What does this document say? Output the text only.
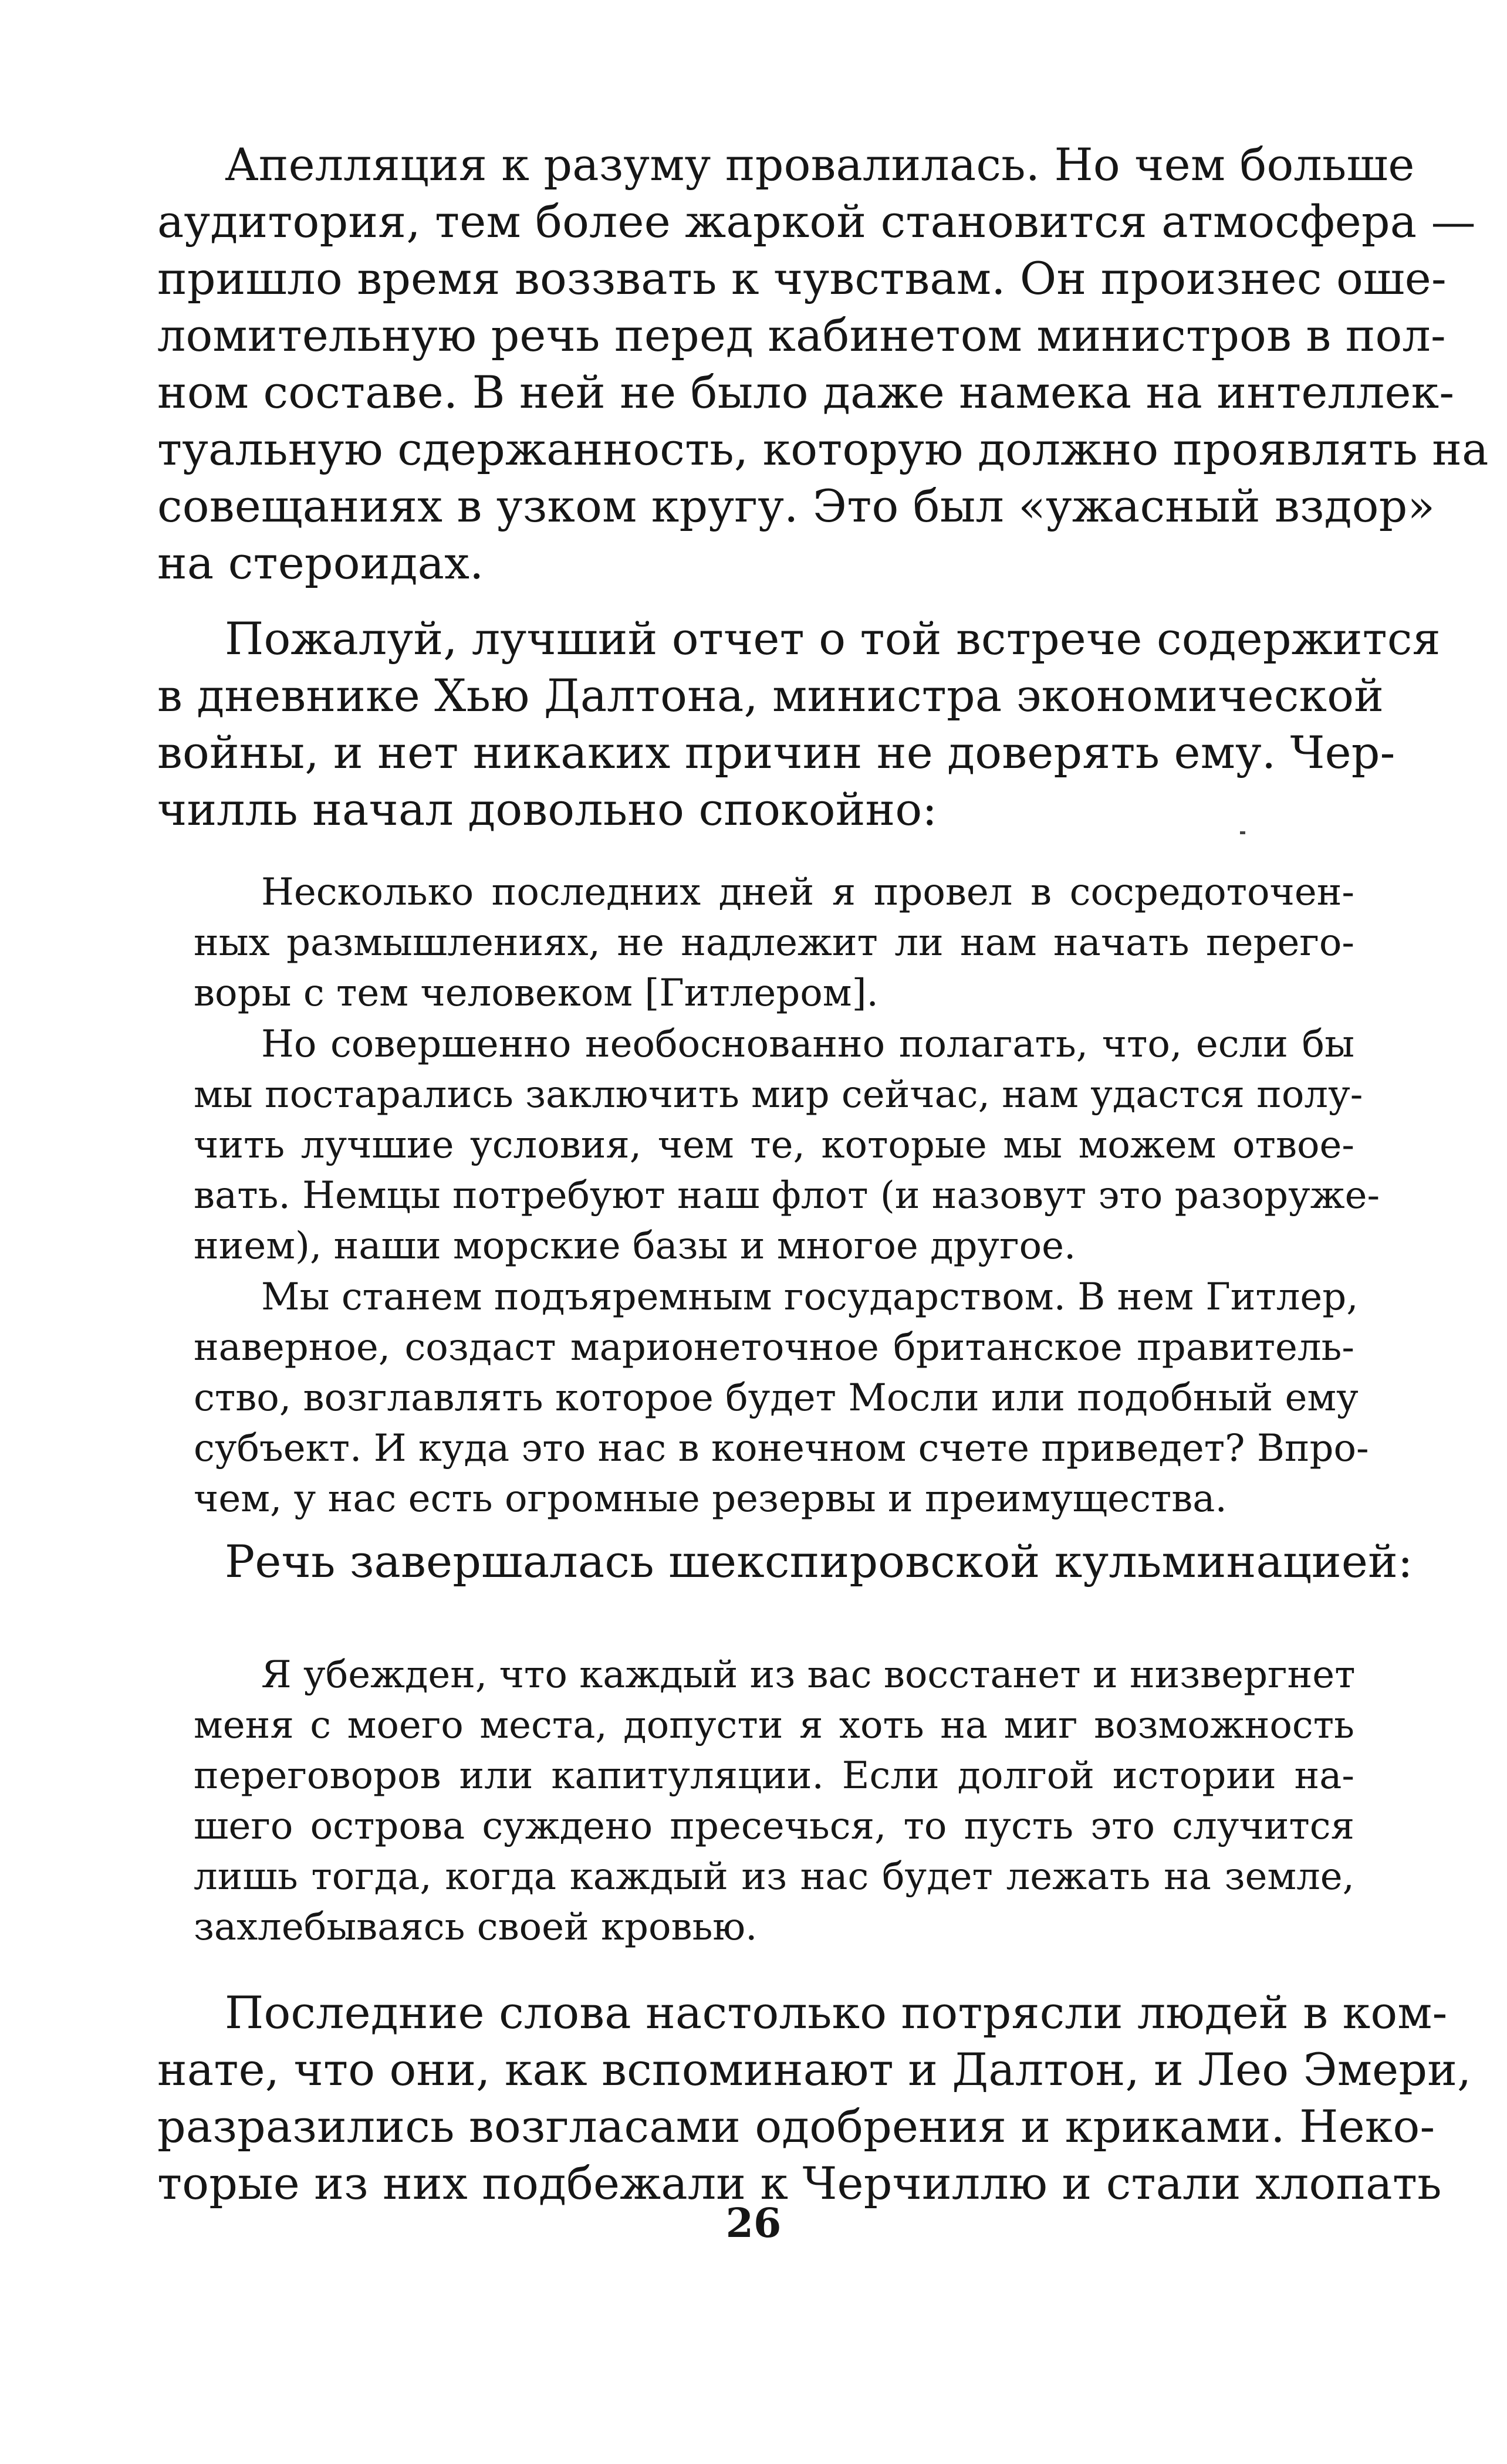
Апелляция к разуму провалилась. Но чем больше
аудитория, тем более жаркой становится атмосфера —
пришло время воззвать к чувствам. Он произнес оше-
ломительную речь перед кабинетом министров в пол-
ном составе. В ней не было даже намека на интеллек-
туальную сдержанность, которую должно проявлять на
совещаниях в узком кругу. Это был «ужасный вздор»
на стероидах.

Пожалуй, лучший отчет о той встрече содержится
в дневнике Хью Далтона, министра экономической
войны, и нет никаких причин не доверять ему. Чер-
чилль начал довольно спокойно:

Несколько последних дней я провел в сосредоточен-
ных размышлениях, не надлежит ли нам начать перего-
воры с тем человеком [Гитлером].

Но совершенно необоснованно полагать, что, если бы
мы постарались заключить мир сейчас, нам удастся полу-
чить лучшие условия, чем те, которые мы можем отвое-
вать. Немцы потребуют наш флот (и назовут это разоруже-
нием), наши морские базы и многое другое.

Мы станем подъяремным государством. В нем Гитлер,
наверное, создаст марионеточное британское правитель-
ство, возглавлять которое будет Мосли или подобный ему
субъект. И куда это нас в конечном счете приведет? Впро-
чем, у нас есть огромные резервы и преимущества.

Речь завершалась шекспировской кульминацией:

Я убежден, что каждый из вас восстанет и низвергнет
меня с моего места, допусти я хоть на миг возможность
переговоров или капитуляции. Если долгой истории на-
шего острова суждено пресечься, то пусть это случится
лишь тогда, когда каждый из нас будет лежать на земле,
захлебываясь своей кровью.

Последние слова настолько потрясли людей в ком-
нате, что они, как вспоминают и Далтон, и Лео Эмери,
разразились возгласами одобрения и криками. Неко-
торые из них подбежали к Черчиллю и стали хлопать

26
